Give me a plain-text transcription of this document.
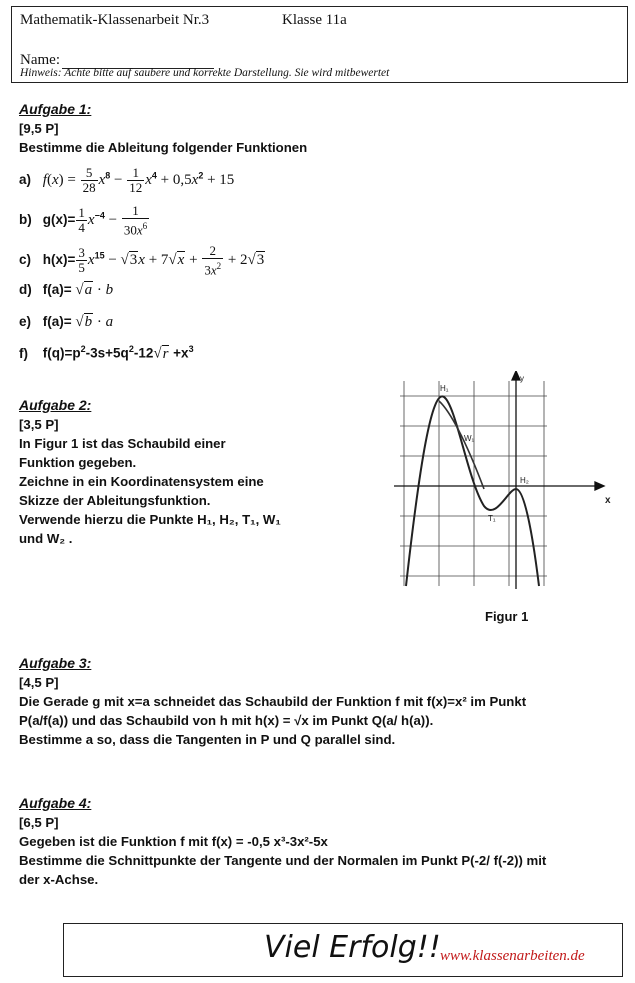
Mathematik-Klassenarbeit Nr.3	Klasse 11a
Name:
Hinweis: Achte bitte auf saubere und korrekte Darstellung. Sie wird mitbewertet
Aufgabe 1:
[9,5 P]
Bestimme die Ableitung folgender Funktionen
a) $f(x) = \frac{5}{28} x^8 - \frac{1}{12} x^4 + 0,5x^2 + 15$
b) $g(x)= \frac{1}{4} x^{-4} - \frac{1}{30x^6}$
c) $h(x)= \frac{3}{5} x^{15} - √3x + 7√x + \frac{2}{3x^2} + 2√3$
d) f(a)= √a · b
e) f(a)= √b · a
f) $f(q)=p^2-3s+5q^2-12√r +x^3$
Aufgabe 2:
[3,5 P]
In Figur 1 ist das Schaubild einer
Funktion gegeben.
Zeichne in ein Koordinatensystem eine
Skizze der Ableitungsfunktion.
Verwende hierzu die Punkte H₁, H₂, T₁, W₁
und W₂ .
H₁
W₁
T₁
H₂
y
x
Figur 1
Aufgabe 3:
[4,5 P]
Die Gerade g mit x=a schneidet das Schaubild der Funktion f mit f(x)=x² im Punkt
P(a/f(a)) und das Schaubild von h mit h(x) = √x im Punkt Q(a/ h(a)).
Bestimme a so, dass die Tangenten in P und Q parallel sind.
Aufgabe 4:
[6,5 P]
Gegeben ist die Funktion f mit f(x) = -0,5 x³-3x²-5x
Bestimme die Schnittpunkte der Tangente und der Normalen im Punkt P(-2/ f(-2)) mit
der x-Achse.
Viel Erfolg!! www.klassenarbeiten.de
